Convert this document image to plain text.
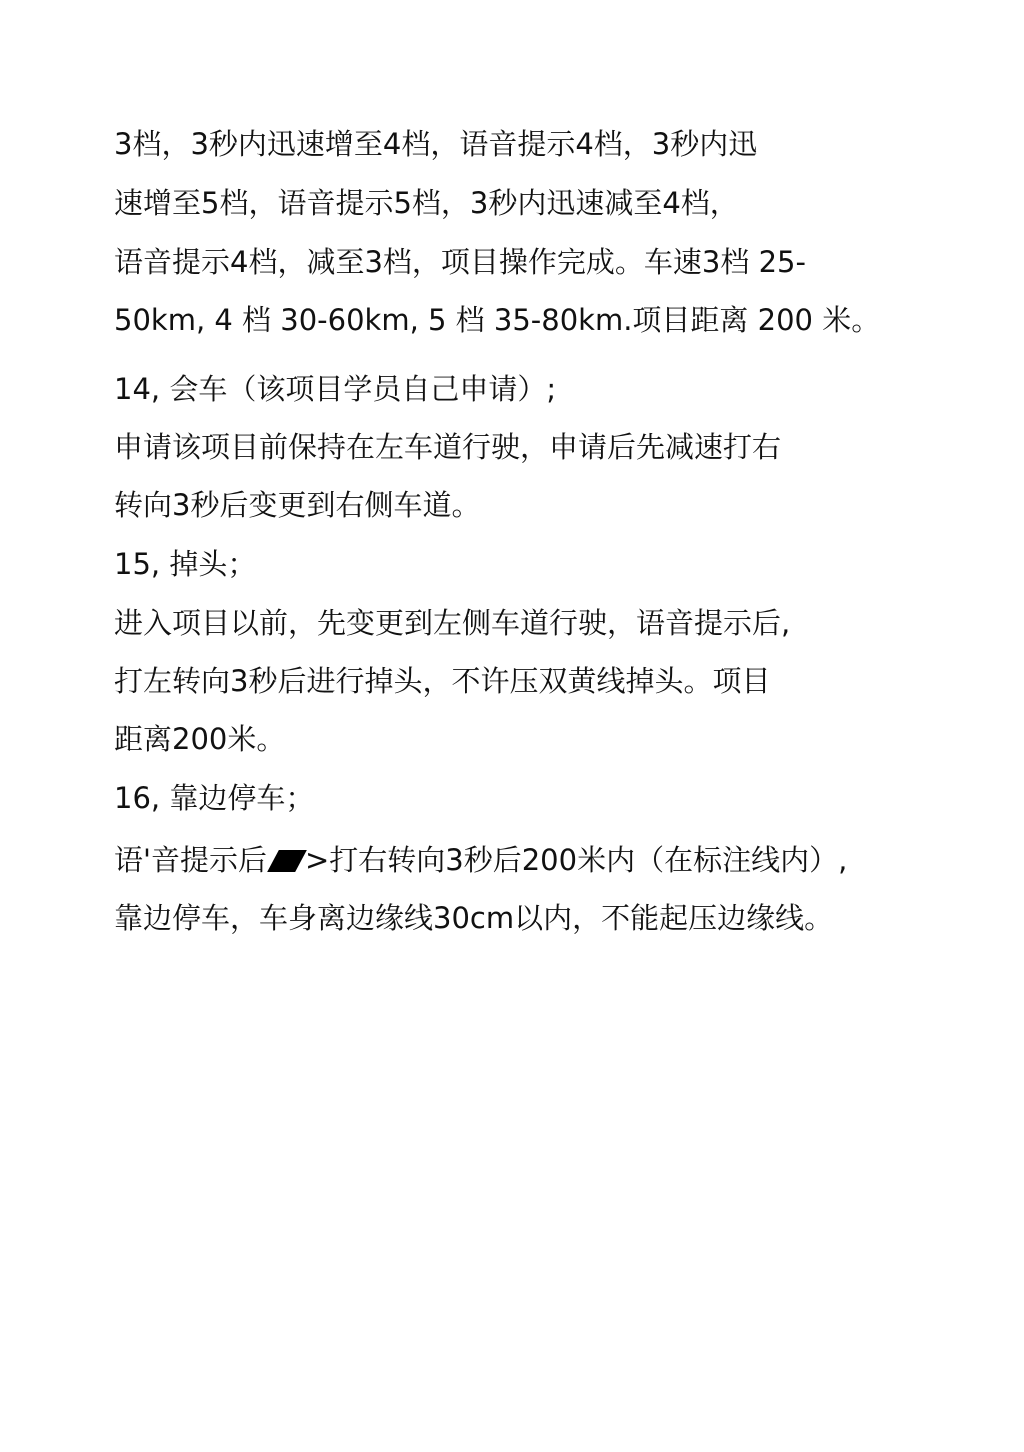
3档，3秒内迅速增至4档，语音提示4档，3秒内迅
速增至5档，语音提示5档，3秒内迅速减至4档，
语音提示4档，减至3档，项目操作完成。车速3档 25-
50km, 4 档 30-60km, 5 档 35-80km.项目距离 200 米。
14, 会车（该项目学员自己申请）;
申请该项目前保持在左车道行驶，申请后先减速打右
转向3秒后变更到右侧车道。
15, 掉头；
进入项目以前，先变更到左侧车道行驶，语音提示后,
打左转向3秒后进行掉头，不许压双黄线掉头。项目
距离200米。
16, 靠边停车；
语'音提示后 >打右转向3秒后200米内（在标注线内）,
靠边停车，车身离边缘线30cm以内，不能起压边缘线。
